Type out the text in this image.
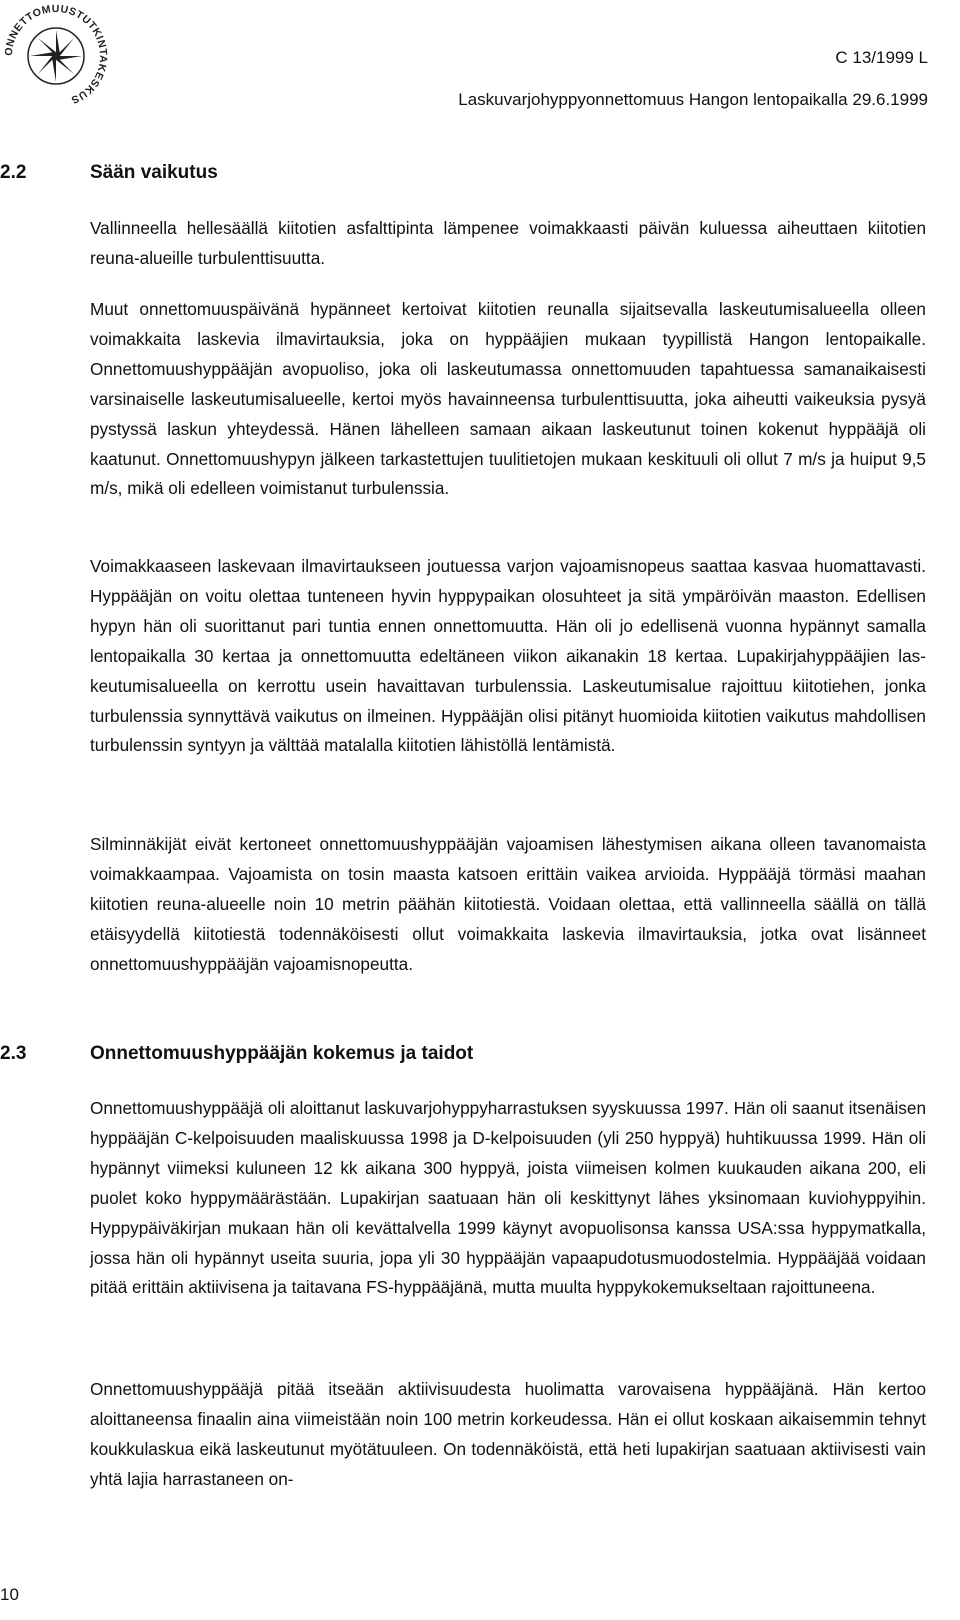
ONNETTOMUUSTUTKINTAKESKUS
C 13/1999 L
Laskuvarjohyppyonnettomuus Hangon lentopaikalla 29.6.1999
2.2	Sään vaikutus

Vallinneella hellesäällä kiitotien asfalttipinta lämpenee voimakkaasti päivän kuluessa aiheuttaen kiitotien reuna-alueille turbulenttisuutta.

Muut onnettomuuspäivänä hypänneet kertoivat kiitotien reunalla sijaitsevalla laskeutumisalueella olleen voimakkaita laskevia ilmavirtauksia, joka on hyppääjien mukaan tyypillistä Hangon lentopaikalle. Onnettomuushyppääjän avopuoliso, joka oli laskeutumassa onnettomuuden tapahtuessa samanaikaisesti varsinaiselle laskeutumisalueelle, kertoi myös havainneensa turbulenttisuutta, joka aiheutti vaikeuksia pysyä pystyssä laskun yhteydessä. Hänen lähelleen samaan aikaan laskeutunut toinen kokenut hyppääjä oli kaatunut. Onnettomuushypyn jälkeen tarkastettujen tuulitietojen mukaan keskituuli oli ollut 7 m/s ja huiput 9,5 m/s, mikä oli edelleen voimistanut turbulenssia.

Voimakkaaseen laskevaan ilmavirtaukseen joutuessa varjon vajoamisnopeus saattaa kasvaa huomattavasti. Hyppääjän on voitu olettaa tunteneen hyvin hyppypaikan olosuhteet ja sitä ympäröivän maaston. Edellisen hypyn hän oli suorittanut pari tuntia ennen onnettomuutta. Hän oli jo edellisenä vuonna hypännyt samalla lentopaikalla 30 kertaa ja onnettomuutta edeltäneen viikon aikanakin 18 kertaa. Lupakirjahyppääjien laskeutumisalueella on kerrottu usein havaittavan turbulenssia. Laskeutumisalue rajoittuu kiitotiehen, jonka turbulenssia synnyttävä vaikutus on ilmeinen. Hyppääjän olisi pitänyt huomioida kiitotien vaikutus mahdollisen turbulenssin syntyyn ja välttää matalalla kiitotien lähistöllä lentämistä.

Silminnäkijät eivät kertoneet onnettomuushyppääjän vajoamisen lähestymisen aikana olleen tavanomaista voimakkaampaa. Vajoamista on tosin maasta katsoen erittäin vaikea arvioida. Hyppääjä törmäsi maahan kiitotien reuna-alueelle noin 10 metrin päähän kiitotiestä. Voidaan olettaa, että vallinneella säällä on tällä etäisyydellä kiitotiestä todennäköisesti ollut voimakkaita laskevia ilmavirtauksia, jotka ovat lisänneet onnettomuushyppääjän vajoamisnopeutta.

2.3	Onnettomuushyppääjän kokemus ja taidot

Onnettomuushyppääjä oli aloittanut laskuvarjohyppyharrastuksen syyskuussa 1997. Hän oli saanut itsenäisen hyppääjän C-kelpoisuuden maaliskuussa 1998 ja D-kelpoisuuden (yli 250 hyppyä) huhtikuussa 1999. Hän oli hypännyt viimeksi kuluneen 12 kk aikana 300 hyppyä, joista viimeisen kolmen kuukauden aikana 200, eli puolet koko hyppymäärästään. Lupakirjan saatuaan hän oli keskittynyt lähes yksinomaan kuviohyppyihin. Hyppypäiväkirjan mukaan hän oli kevättalvella 1999 käynyt avopuolisonsa kanssa USA:ssa hyppymatkalla, jossa hän oli hypännyt useita suuria, jopa yli 30 hyppääjän vapaapudotusmuodostelmia. Hyppääjää voidaan pitää erittäin aktiivisena ja taitavana FS-hyppääjänä, mutta muulta hyppykokemukseltaan rajoittuneena.

Onnettomuushyppääjä pitää itseään aktiivisuudesta huolimatta varovaisena hyppääjänä. Hän kertoo aloittaneensa finaalin aina viimeistään noin 100 metrin korkeudessa. Hän ei ollut koskaan aikaisemmin tehnyt koukkulaskua eikä laskeutunut myötätuuleen. On todennäköistä, että heti lupakirjan saatuaan aktiivisesti vain yhtä lajia harrastaneen on-

10
